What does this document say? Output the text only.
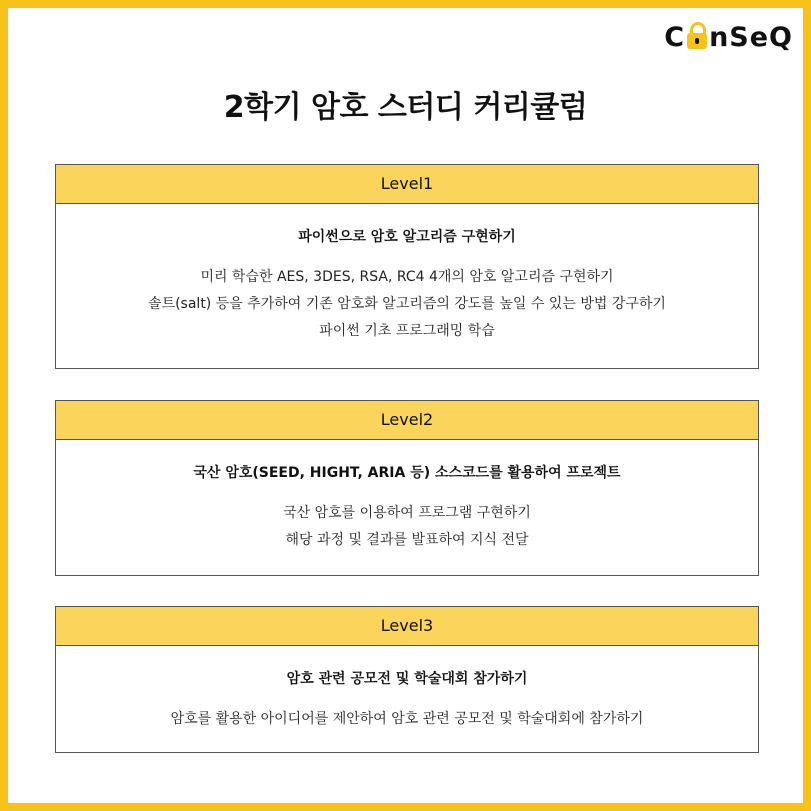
C nSeQ
2학기 암호 스터디 커리큘럼
Level1
파이썬으로 암호 알고리즘 구현하기
미리 학습한 AES, 3DES, RSA, RC4 4개의 암호 알고리즘 구현하기
솔트(salt) 등을 추가하여 기존 암호화 알고리즘의 강도를 높일 수 있는 방법 강구하기
파이썬 기초 프로그래밍 학습
Level2
국산 암호(SEED, HIGHT, ARIA 등) 소스코드를 활용하여 프로젝트
국산 암호를 이용하여 프로그램 구현하기
해당 과정 및 결과를 발표하여 지식 전달
Level3
암호 관련 공모전 및 학술대회 참가하기
암호를 활용한 아이디어를 제안하여 암호 관련 공모전 및 학술대회에 참가하기
